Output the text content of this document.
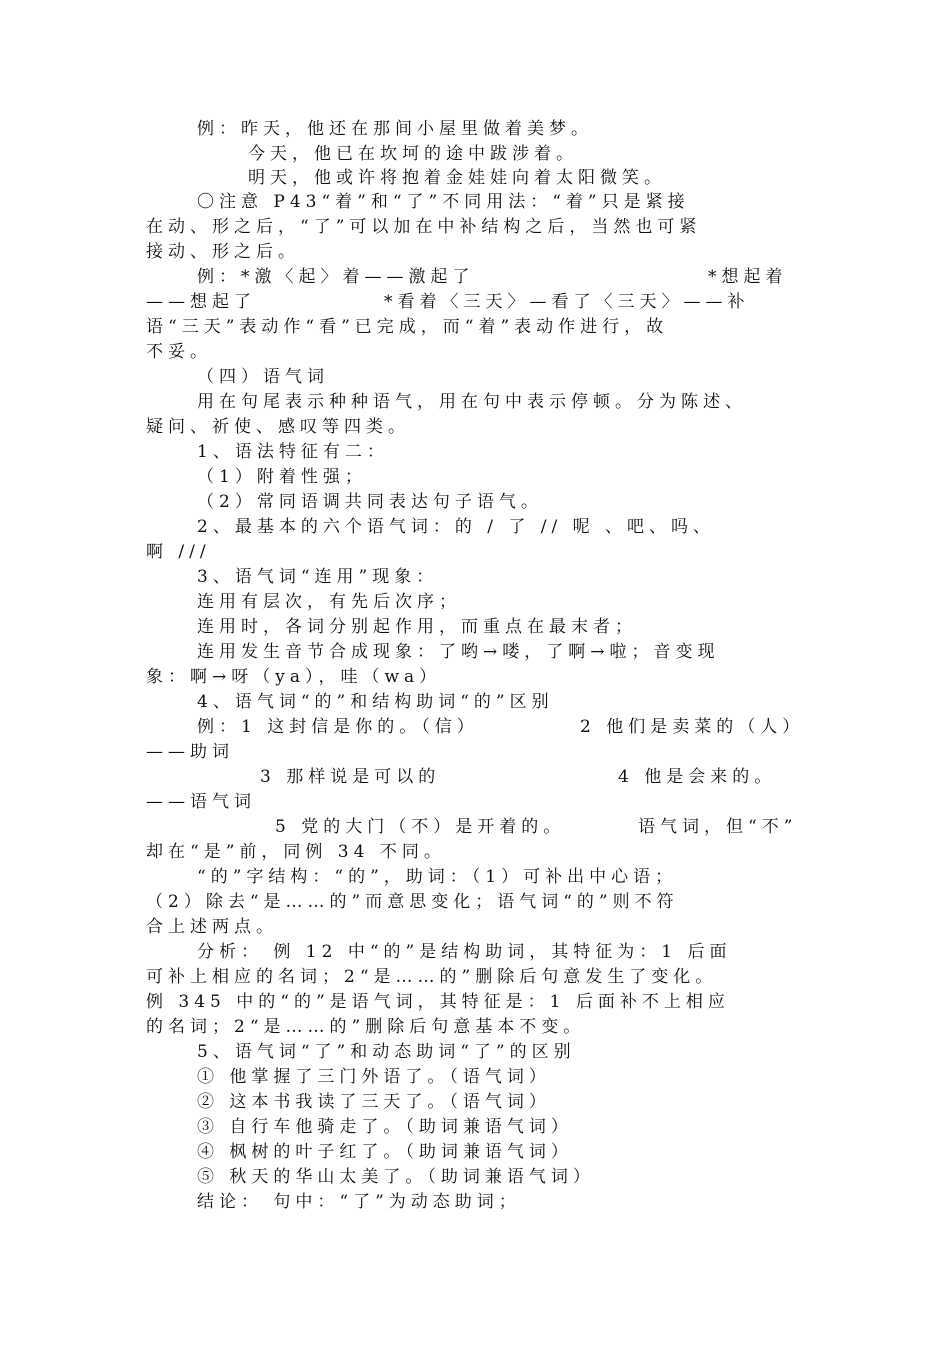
例：昨天，他还在那间小屋里做着美梦。
今天，他已在坎坷的途中跋涉着。
明天，他或许将抱着金娃娃向着太阳微笑。
〇注意 P43“着”和“了”不同用法：“着”只是紧接
在动、形之后，“了”可以加在中补结构之后，当然也可紧
接动、形之后。
例：*激〈起〉着——激起了	*想起着
——想起了	*看着〈三天〉—看了〈三天〉——补
语“三天”表动作“看”已完成，而“着”表动作进行，故
不妥。
（四）语气词
用在句尾表示种种语气，用在句中表示停顿。分为陈述、
疑问、祈使、感叹等四类。
1、语法特征有二：
（1）附着性强；
（2）常同语调共同表达句子语气。
2、最基本的六个语气词：的 / 了 // 呢 、吧、吗、
啊 ///
3、语气词“连用”现象：
连用有层次，有先后次序；
连用时，各词分别起作用，而重点在最末者；
连用发生音节合成现象：了哟→喽，了啊→啦；音变现
象：啊→呀（ya），哇（wa）
4、语气词“的”和结构助词“的”区别
例：1 这封信是你的。（信）	2 他们是卖菜的（人）
——助词
3 那样说是可以的	4 他是会来的。
——语气词
5 党的大门（不）是开着的。	语气词，但“不”
却在“是”前，同例 34 不同。
“的”字结构：“的”，助词：（1）可补出中心语；
（2）除去“是……的”而意思变化；语气词“的”则不符
合上述两点。
分析： 例 12 中“的”是结构助词，其特征为：1 后面
可补上相应的名词；2“是……的”删除后句意发生了变化。
例 345 中的“的”是语气词，其特征是：1 后面补不上相应
的名词；2“是……的”删除后句意基本不变。
5、语气词“了”和动态助词“了”的区别
① 他掌握了三门外语了。（语气词）
② 这本书我读了三天了。（语气词）
③ 自行车他骑走了。（助词兼语气词）
④ 枫树的叶子红了。（助词兼语气词）
⑤ 秋天的华山太美了。（助词兼语气词）
结论： 句中：“了”为动态助词；
